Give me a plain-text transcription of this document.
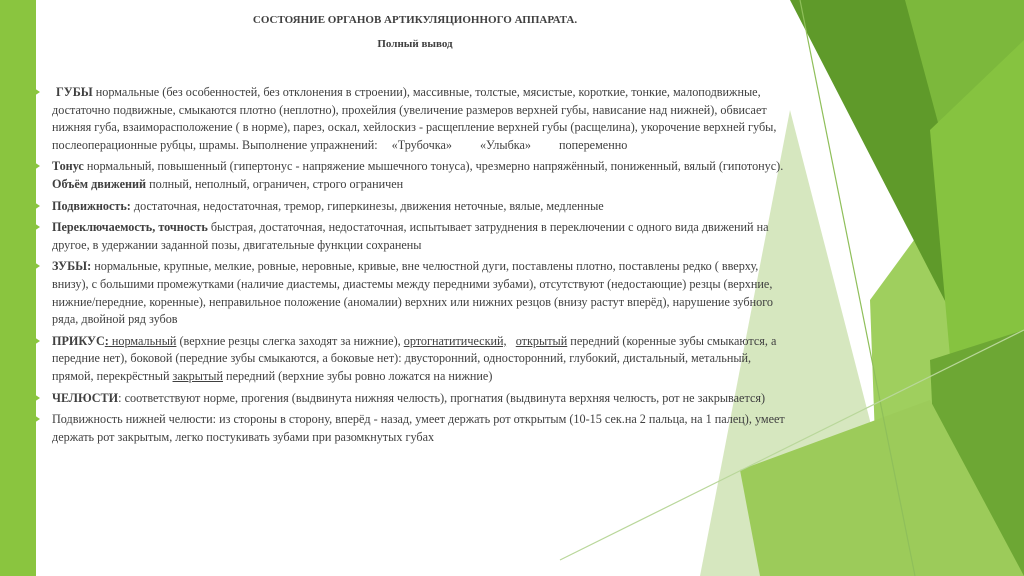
СОСТОЯНИЕ ОРГАНОВ АРТИКУЛЯЦИОННОГО АППАРАТА.
Полный вывод
ГУБЫ нормальные (без особенностей, без отклонения в строении), массивные, толстые, мясистые, короткие, тонкие, малоподвижные, достаточно подвижные, смыкаются плотно (неплотно), прохейлия (увеличение размеров верхней губы, нависание над нижней), обвисает нижняя губа, взаиморасположение ( в норме), парез, оскал, хейлоскиз - расщепление верхней губы (расщелина), укорочение верхней губы, послеоперационные рубцы, шрамы. Выполнение упражнений: «Трубочка» «Улыбка» попеременно
Тонус нормальный, повышенный (гипертонус - напряжение мышечного тонуса), чрезмерно напряжённый, пониженный, вялый (гипотонус). Объём движений полный, неполный, ограничен, строго ограничен
Подвижность: достаточная, недостаточная, тремор, гиперкинезы, движения неточные, вялые, медленные
Переключаемость, точность быстрая, достаточная, недостаточная, испытывает затруднения в переключении с одного вида движений на другое, в удержании заданной позы, двигательные функции сохранены
ЗУБЫ: нормальные, крупные, мелкие, ровные, неровные, кривые, вне челюстной дуги, поставлены плотно, поставлены редко ( вверху, внизу), с большими промежутками (наличие диастемы, диастемы между передними зубами), отсутствуют (недостающие) резцы (верхние, нижние/передние, коренные), неправильное положение (аномалии) верхних или нижних резцов (внизу растут вперёд), нарушение зубного ряда, двойной ряд зубов
ПРИКУС: нормальный (верхние резцы слегка заходят за нижние), ортогнатитический, открытый передний (коренные зубы смыкаются, а передние нет), боковой (передние зубы смыкаются, а боковые нет): двусторонний, односторонний, глубокий, дистальный, метальный, прямой, перекрёстный закрытый передний (верхние зубы ровно ложатся на нижние)
ЧЕЛЮСТИ: соответствуют норме, прогения (выдвинута нижняя челюсть), прогнатия (выдвинута верхняя челюсть, рот не закрывается)
Подвижность нижней челюсти: из стороны в сторону, вперёд - назад, умеет держать рот открытым (10-15 сек.на 2 пальца, на 1 палец), умеет держать рот закрытым, легко постукивать зубами при разомкнутых губах
